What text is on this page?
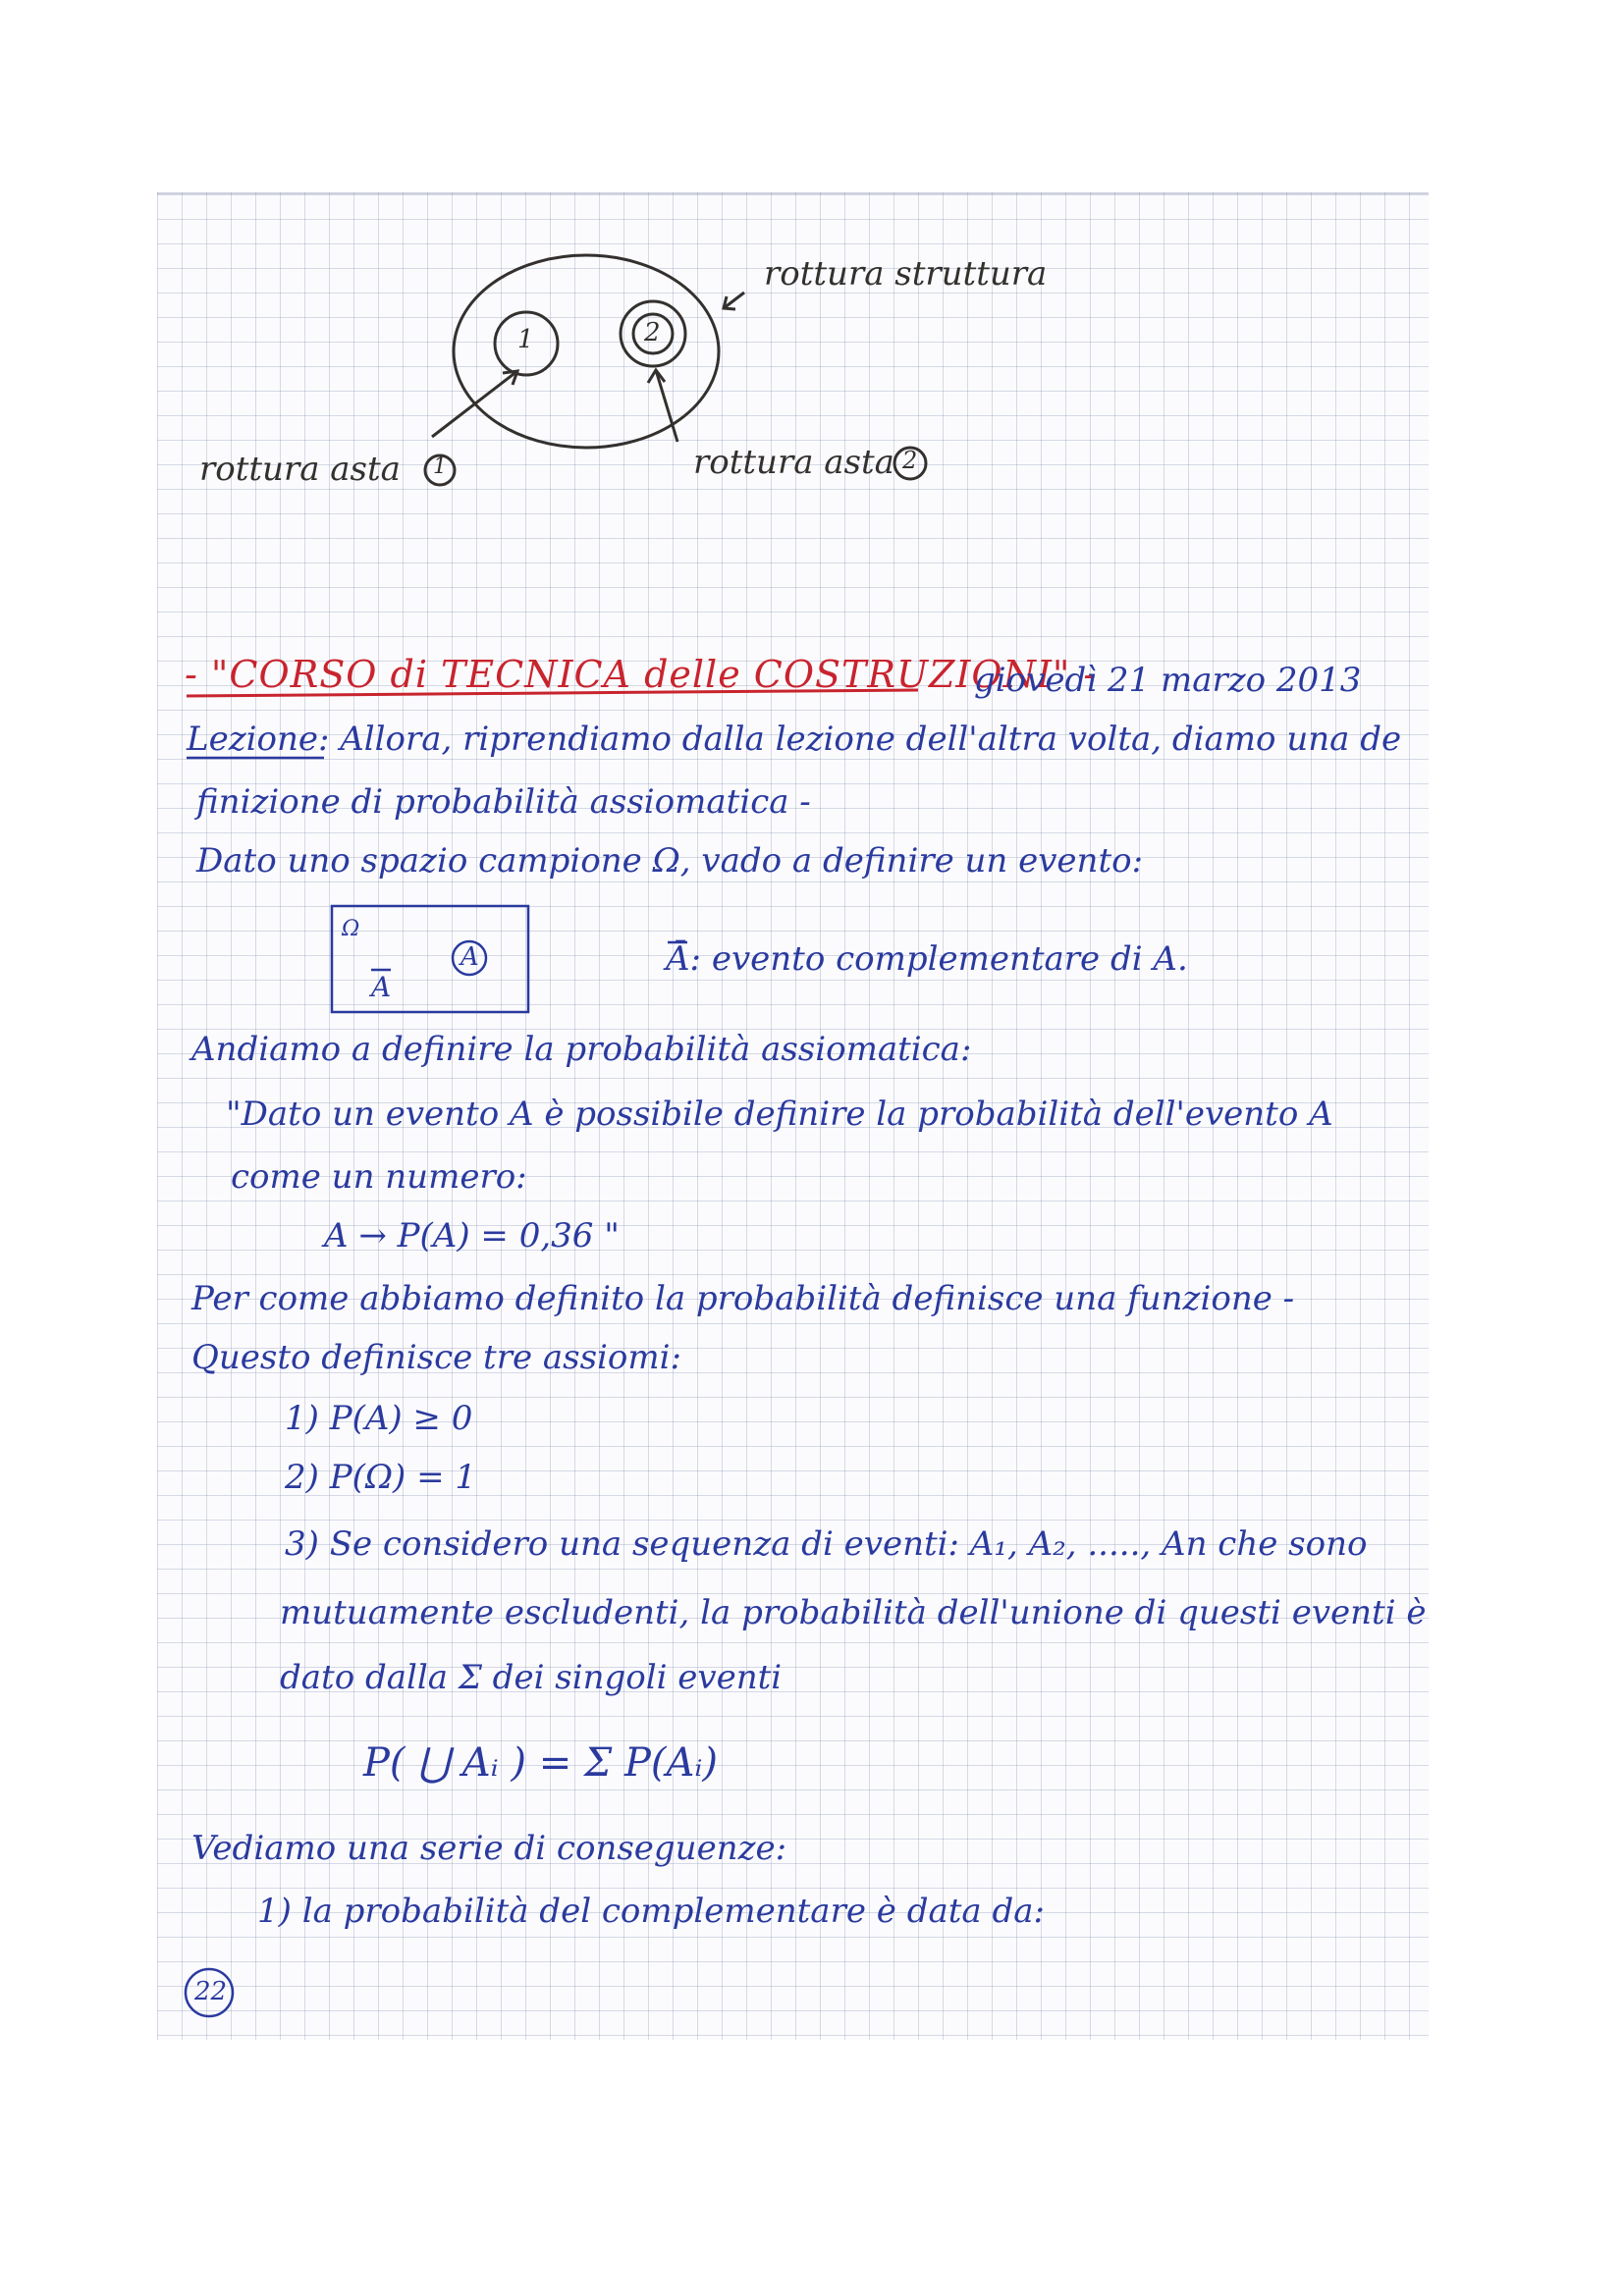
1	2
rottura struttura
rottura asta	rottura asta
1	2
- "CORSO di TECNICA delle COSTRUZIONI" -
giovedì 21 marzo 2013
Lezione: Allora, riprendiamo dalla lezione dell'altra volta, diamo una de
finizione di probabilità assiomatica -
Dato uno spazio campione Ω, vado a definire un evento:
Ω
A
A	Ā: evento complementare di A.
Andiamo a definire la probabilità assiomatica:
"Dato un evento A è possibile definire la probabilità dell'evento A
come un numero:
A → P(A) = 0,36 "
Per come abbiamo definito la probabilità definisce una funzione -
Questo definisce tre assiomi:
1) P(A) ≥ 0
2) P(Ω) = 1
3) Se considero una sequenza di eventi: A₁, A₂, ....., An che sono
mutuamente escludenti, la probabilità dell'unione di questi eventi è
dato dalla Σ dei singoli eventi
P( ⋃ Aᵢ ) = Σ P(Aᵢ)
Vediamo una serie di conseguenze:
1) la probabilità del complementare è data da:
22
